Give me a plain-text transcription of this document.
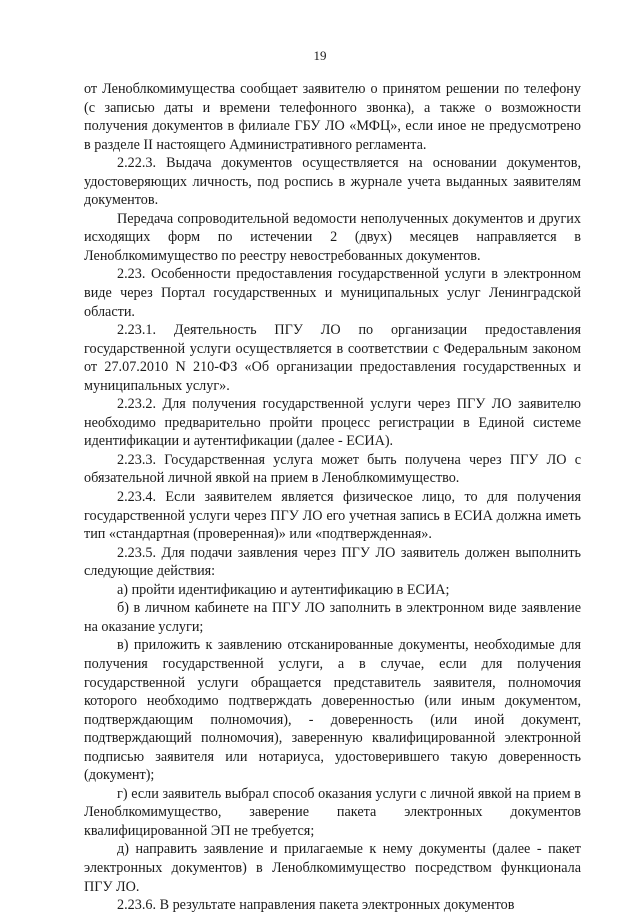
19

от Леноблкомимущества сообщает заявителю о принятом решении по телефону (с записью даты и времени телефонного звонка), а также о возможности получения документов в филиале ГБУ ЛО «МФЦ», если иное не предусмотрено в разделе II настоящего Административного регламента.

2.22.3. Выдача документов осуществляется на основании документов, удостоверяющих личность, под роспись в журнале учета выданных заявителям документов.

Передача сопроводительной ведомости неполученных документов и других исходящих форм по истечении 2 (двух) месяцев направляется в Леноблкомимущество по реестру невостребованных документов.

2.23. Особенности предоставления государственной услуги в электронном виде через Портал государственных и муниципальных услуг Ленинградской области.

2.23.1. Деятельность ПГУ ЛО по организации предоставления государственной услуги осуществляется в соответствии с Федеральным законом от 27.07.2010 N 210-ФЗ «Об организации предоставления государственных и муниципальных услуг».

2.23.2. Для получения государственной услуги через ПГУ ЛО заявителю необходимо предварительно пройти процесс регистрации в Единой системе идентификации и аутентификации (далее - ЕСИА).

2.23.3. Государственная услуга может быть получена через ПГУ ЛО с обязательной личной явкой на прием в Леноблкомимущество.

2.23.4. Если заявителем является физическое лицо, то для получения государственной услуги через ПГУ ЛО его учетная запись в ЕСИА должна иметь тип «стандартная (проверенная)» или «подтвержденная».

2.23.5. Для подачи заявления через ПГУ ЛО заявитель должен выполнить следующие действия:

а) пройти идентификацию и аутентификацию в ЕСИА;

б) в личном кабинете на ПГУ ЛО заполнить в электронном виде заявление на оказание услуги;

в) приложить к заявлению отсканированные документы, необходимые для получения государственной услуги, а в случае, если для получения государственной услуги обращается представитель заявителя, полномочия которого необходимо подтверждать доверенностью (или иным документом, подтверждающим полномочия), - доверенность (или иной документ, подтверждающий полномочия), заверенную квалифицированной электронной подписью заявителя или нотариуса, удостоверившего такую доверенность (документ);

г) если заявитель выбрал способ оказания услуги с личной явкой на прием в Леноблкомимущество, заверение пакета электронных документов квалифицированной ЭП не требуется;

д) направить заявление и прилагаемые к нему документы (далее - пакет электронных документов) в Леноблкомимущество посредством функционала ПГУ ЛО.

2.23.6. В результате направления пакета электронных документов
